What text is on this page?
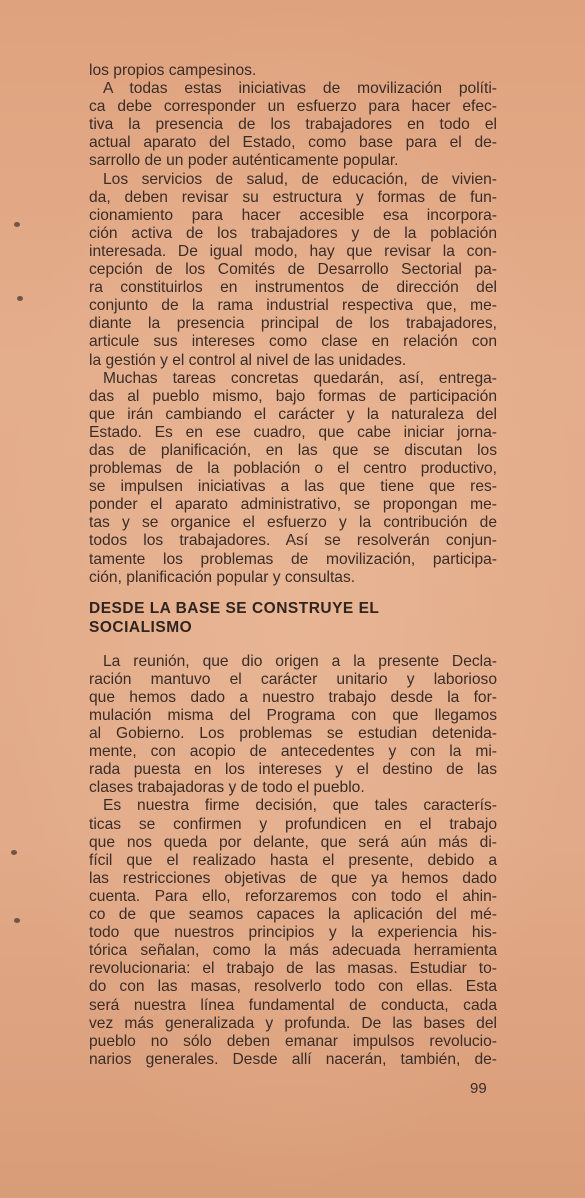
los propios campesinos.
A todas estas iniciativas de movilización políti-
ca debe corresponder un esfuerzo para hacer efec-
tiva la presencia de los trabajadores en todo el
actual aparato del Estado, como base para el de-
sarrollo de un poder auténticamente popular.
Los servicios de salud, de educación, de vivien-
da, deben revisar su estructura y formas de fun-
cionamiento para hacer accesible esa incorpora-
ción activa de los trabajadores y de la población
interesada. De igual modo, hay que revisar la con-
cepción de los Comités de Desarrollo Sectorial pa-
ra constituirlos en instrumentos de dirección del
conjunto de la rama industrial respectiva que, me-
diante la presencia principal de los trabajadores,
articule sus intereses como clase en relación con
la gestión y el control al nivel de las unidades.
Muchas tareas concretas quedarán, así, entrega-
das al pueblo mismo, bajo formas de participación
que irán cambiando el carácter y la naturaleza del
Estado. Es en ese cuadro, que cabe iniciar jorna-
das de planificación, en las que se discutan los
problemas de la población o el centro productivo,
se impulsen iniciativas a las que tiene que res-
ponder el aparato administrativo, se propongan me-
tas y se organice el esfuerzo y la contribución de
todos los trabajadores. Así se resolverán conjun-
tamente los problemas de movilización, participa-
ción, planificación popular y consultas.
DESDE LA BASE SE CONSTRUYE EL
SOCIALISMO
La reunión, que dio origen a la presente Decla-
ración mantuvo el carácter unitario y laborioso
que hemos dado a nuestro trabajo desde la for-
mulación misma del Programa con que llegamos
al Gobierno. Los problemas se estudian detenida-
mente, con acopio de antecedentes y con la mi-
rada puesta en los intereses y el destino de las
clases trabajadoras y de todo el pueblo.
Es nuestra firme decisión, que tales caracterís-
ticas se confirmen y profundicen en el trabajo
que nos queda por delante, que será aún más di-
fícil que el realizado hasta el presente, debido a
las restricciones objetivas de que ya hemos dado
cuenta. Para ello, reforzaremos con todo el ahin-
co de que seamos capaces la aplicación del mé-
todo que nuestros principios y la experiencia his-
tórica señalan, como la más adecuada herramienta
revolucionaria: el trabajo de las masas. Estudiar to-
do con las masas, resolverlo todo con ellas. Esta
será nuestra línea fundamental de conducta, cada
vez más generalizada y profunda. De las bases del
pueblo no sólo deben emanar impulsos revolucio-
narios generales. Desde allí nacerán, también, de-
99
